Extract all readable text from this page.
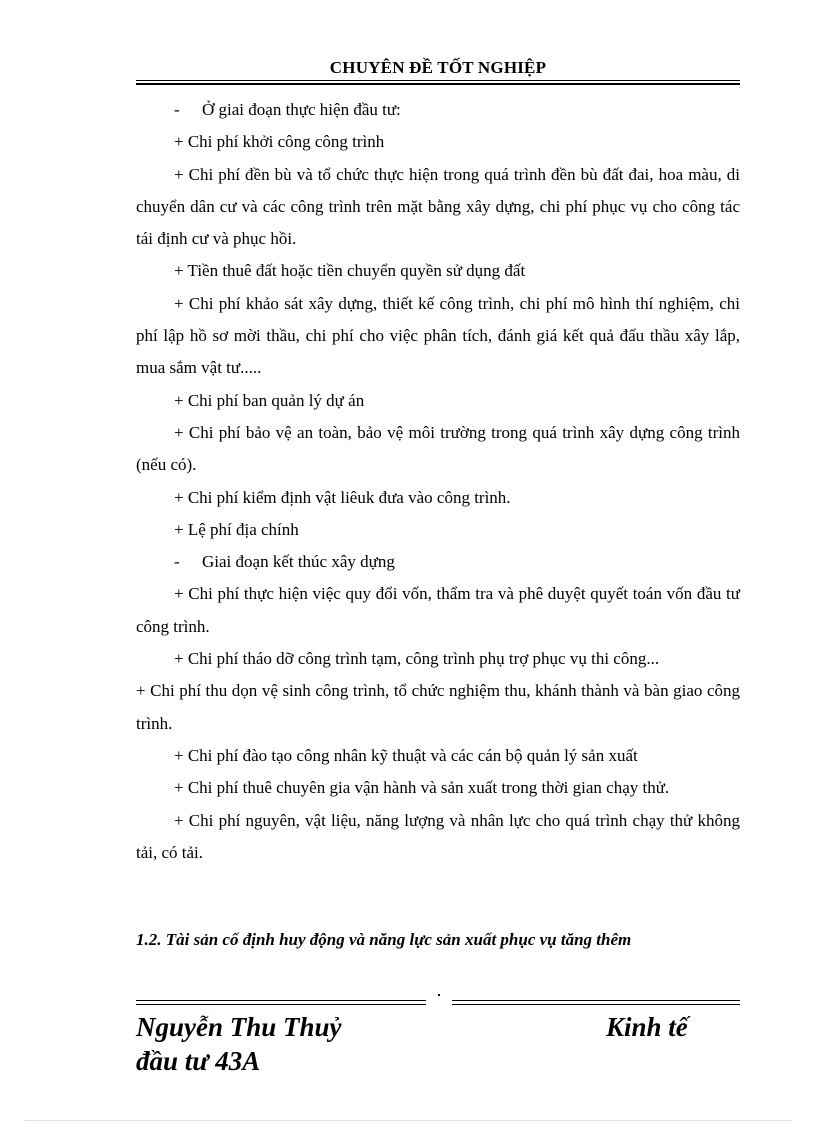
CHUYÊN ĐỀ TỐT NGHIỆP

- Ở giai đoạn thực hiện đầu tư:

+ Chi phí khởi công công trình

+ Chi phí đền bù và tổ chức thực hiện trong quá trình đền bù đất đai, hoa màu, di chuyển dân cư và các công trình trên mặt bằng xây dựng, chi phí phục vụ cho công tác tái định cư và phục hồi.

+ Tiền thuê đất hoặc tiền chuyển quyền sử dụng đất

+ Chi phí khảo sát xây dựng, thiết kế công trình, chi phí mô hình thí nghiệm, chi phí lập hồ sơ mời thầu, chi phí cho việc phân tích, đánh giá kết quả đấu thầu xây lắp, mua sắm vật tư.....

+ Chi phí ban quản lý dự án

+ Chi phí bảo vệ an toàn, bảo vệ môi trường trong quá trình xây dựng công trình (nếu có).

+ Chi phí kiểm định vật liêuk đưa vào công trình.

+ Lệ phí địa chính

- Giai đoạn kết thúc xây dựng

+ Chi phí thực hiện việc quy đổi vốn, thẩm tra và phê duyệt quyết toán vốn đầu tư công trình.

+ Chi phí tháo dỡ công trình tạm, công trình phụ trợ phục vụ thi công...

+ Chi phí thu dọn vệ sinh công trình, tổ chức nghiệm thu, khánh thành và bàn giao công trình.

+ Chi phí đào tạo công nhân kỹ thuật và các cán bộ quản lý sản xuất

+ Chi phí thuê chuyên gia vận hành và sản xuất trong thời gian chạy thử.

+ Chi phí nguyên, vật liệu, năng lượng và nhân lực cho quá trình chạy thử không tải, có tải.

1.2. Tài sản cố định huy động và năng lực sản xuất phục vụ tăng thêm
Nguyễn Thu Thuỷ	Kinh tế
đầu tư 43A
